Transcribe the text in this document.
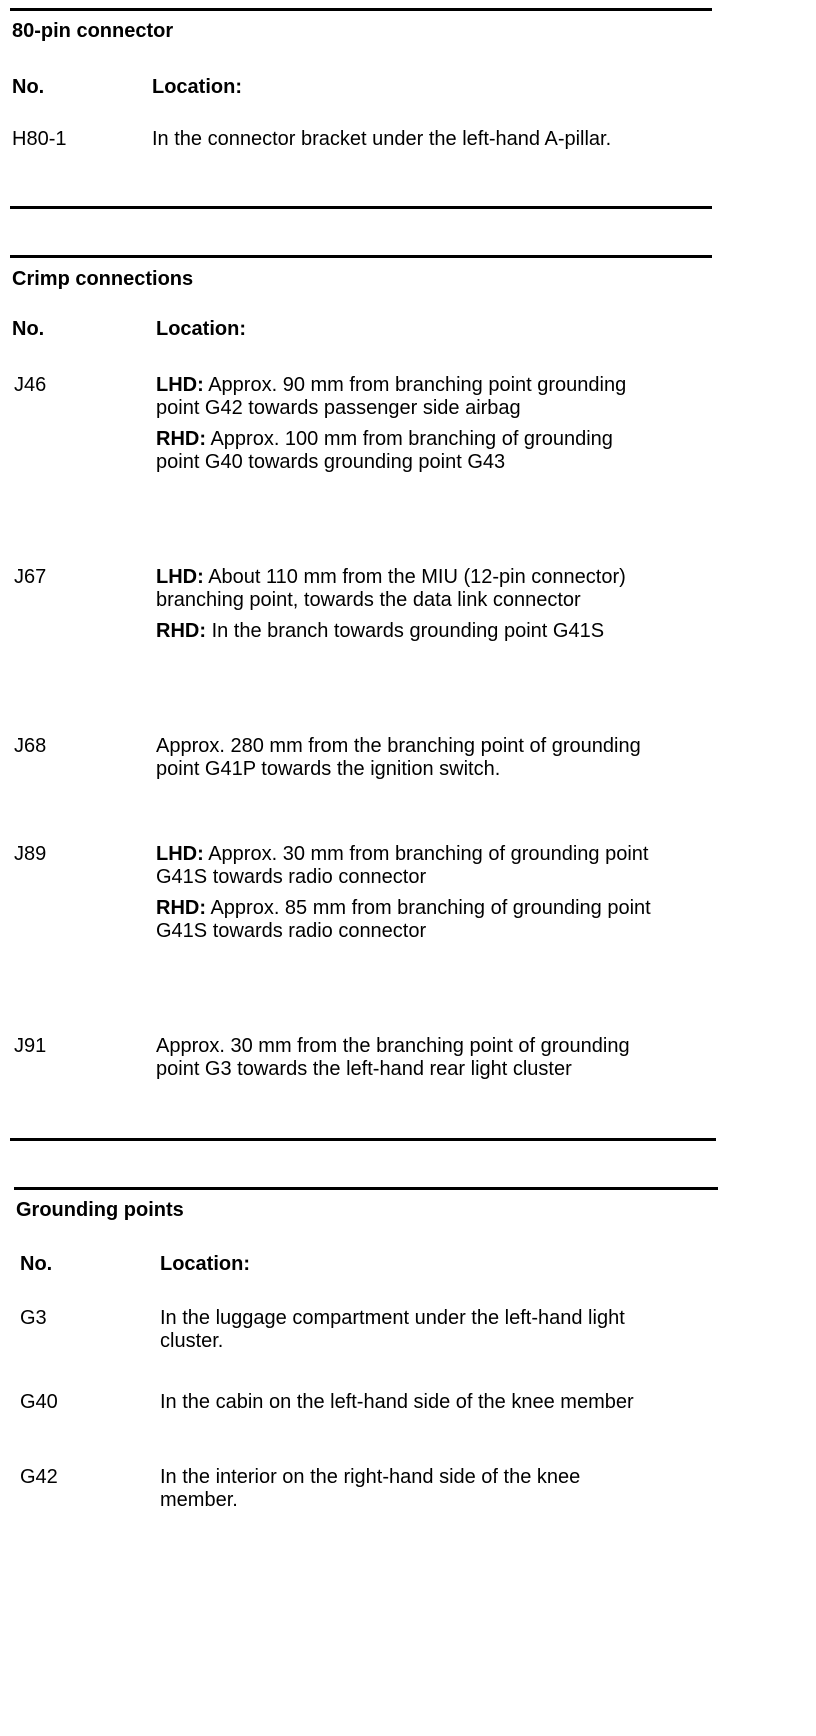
80-pin connector
No.	Location:
H80-1	In the connector bracket under the left-hand A-pillar.
Crimp connections
No.	Location:
J46	LHD: Approx. 90 mm from branching point grounding point G42 towards passenger side airbag
RHD: Approx. 100 mm from branching of grounding point G40 towards grounding point G43
J67	LHD: About 110 mm from the MIU (12-pin connector) branching point, towards the data link connector
RHD: In the branch towards grounding point G41S
J68	Approx. 280 mm from the branching point of grounding point G41P towards the ignition switch.
J89	LHD: Approx. 30 mm from branching of grounding point G41S towards radio connector
RHD: Approx. 85 mm from branching of grounding point G41S towards radio connector
J91	Approx. 30 mm from the branching point of grounding point G3 towards the left-hand rear light cluster
Grounding points
No.	Location:
G3	In the luggage compartment under the left-hand light cluster.
G40	In the cabin on the left-hand side of the knee member
G42	In the interior on the right-hand side of the knee member.
